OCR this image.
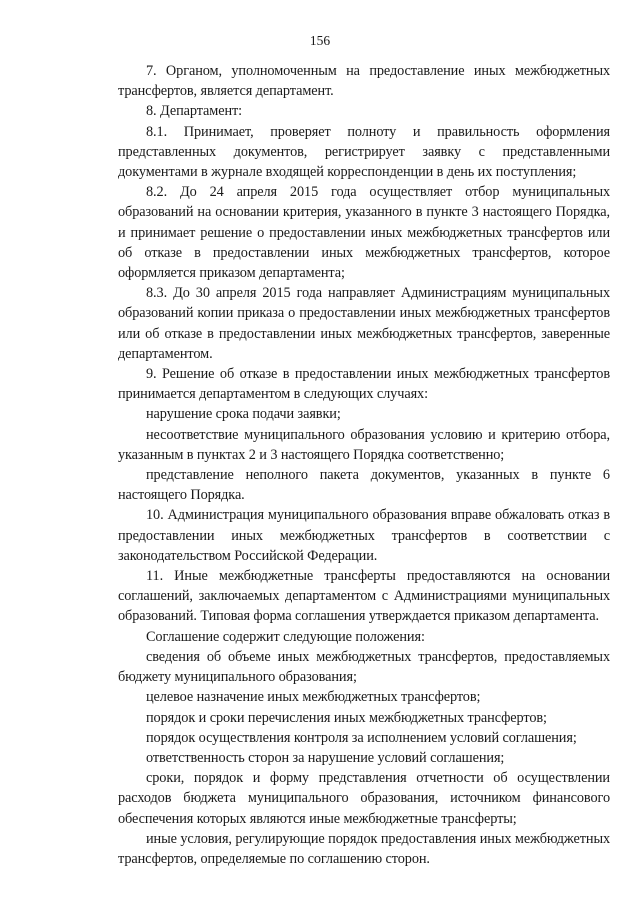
156

7. Органом, уполномоченным на предоставление иных межбюджетных трансфертов, является департамент.

8. Департамент:

8.1. Принимает, проверяет полноту и правильность оформления представленных документов, регистрирует заявку с представленными документами в журнале входящей корреспонденции в день их поступления;

8.2. До 24 апреля 2015 года осуществляет отбор муниципальных образований на основании критерия, указанного в пункте 3 настоящего Порядка, и принимает решение о предоставлении иных межбюджетных трансфертов или об отказе в предоставлении иных межбюджетных трансфертов, которое оформляется приказом департамента;

8.3. До 30 апреля 2015 года направляет Администрациям муниципальных образований копии приказа о предоставлении иных межбюджетных трансфертов или об отказе в предоставлении иных межбюджетных трансфертов, заверенные департаментом.

9. Решение об отказе в предоставлении иных межбюджетных трансфертов принимается департаментом в следующих случаях:

нарушение срока подачи заявки;

несоответствие муниципального образования условию и критерию отбора, указанным в пунктах 2 и 3 настоящего Порядка соответственно;

представление неполного пакета документов, указанных в пункте 6 настоящего Порядка.

10. Администрация муниципального образования вправе обжаловать отказ в предоставлении иных межбюджетных трансфертов в соответствии с законодательством Российской Федерации.

11. Иные межбюджетные трансферты предоставляются на основании соглашений, заключаемых департаментом с Администрациями муниципальных образований. Типовая форма соглашения утверждается приказом департамента.

Соглашение содержит следующие положения:

сведения об объеме иных межбюджетных трансфертов, предоставляемых бюджету муниципального образования;

целевое назначение иных межбюджетных трансфертов;

порядок и сроки перечисления иных межбюджетных трансфертов;

порядок осуществления контроля за исполнением условий соглашения;

ответственность сторон за нарушение условий соглашения;

сроки, порядок и форму представления отчетности об осуществлении расходов бюджета муниципального образования, источником финансового обеспечения которых являются иные межбюджетные трансферты;

иные условия, регулирующие порядок предоставления иных межбюджетных трансфертов, определяемые по соглашению сторон.
